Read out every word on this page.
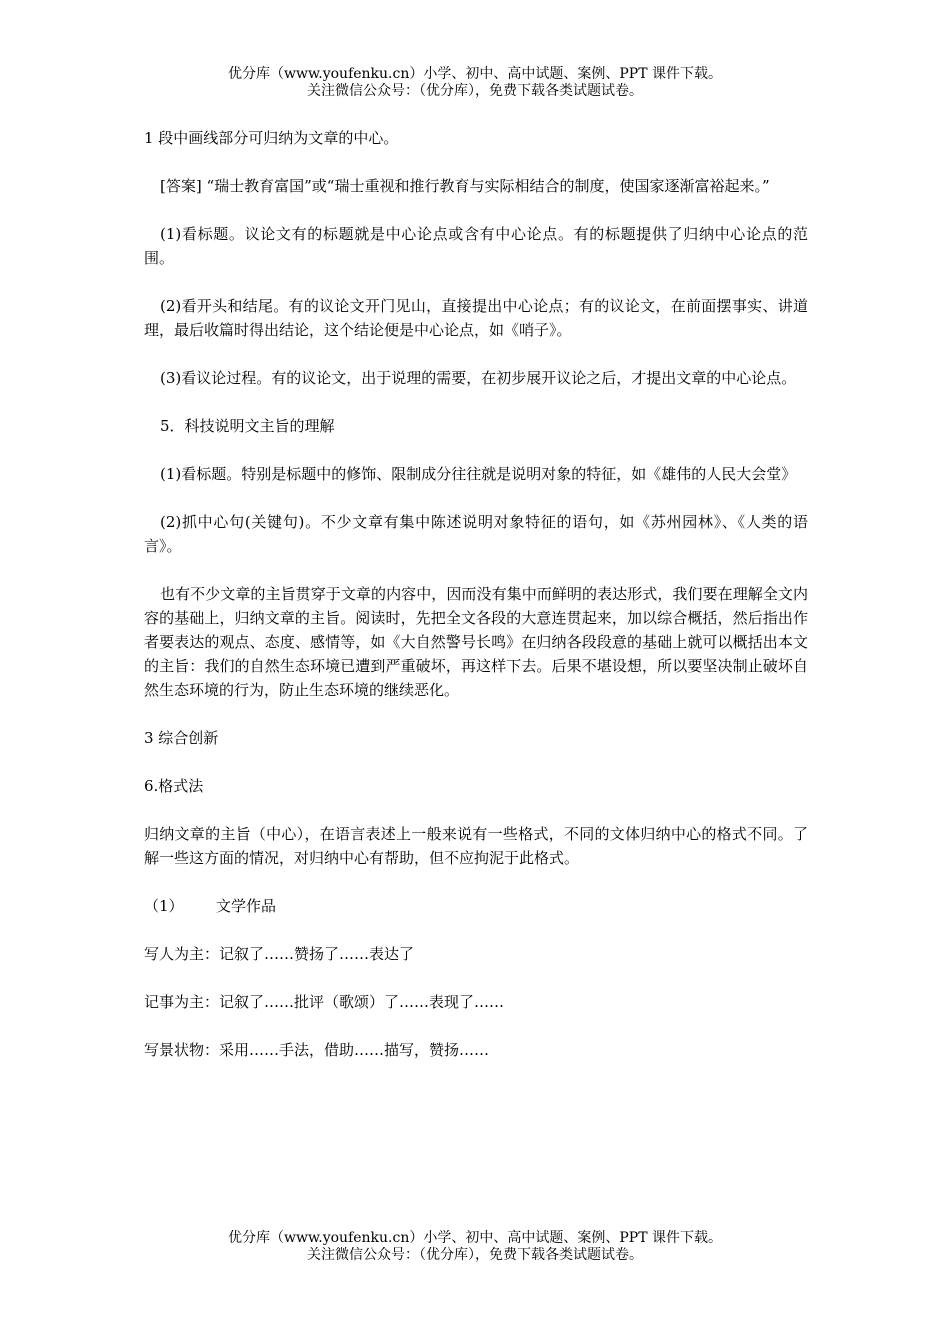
优分库（www.youfenku.cn）小学、初中、高中试题、案例、PPT 课件下载。
关注微信公众号：（优分库），免费下载各类试题试卷。

1 段中画线部分可归纳为文章的中心。

[答案] “瑞士教育富国”或“瑞士重视和推行教育与实际相结合的制度，使国家逐渐富裕起来。”

(1)看标题。议论文有的标题就是中心论点或含有中心论点。有的标题提供了归纳中心论点的范围。

(2)看开头和结尾。有的议论文开门见山，直接提出中心论点；有的议论文，在前面摆事实、讲道理，最后收篇时得出结论，这个结论便是中心论点，如《哨子》。

(3)看议论过程。有的议论文，出于说理的需要，在初步展开议论之后，才提出文章的中心论点。

5．科技说明文主旨的理解

(1)看标题。特别是标题中的修饰、限制成分往往就是说明对象的特征，如《雄伟的人民大会堂》

(2)抓中心句(关键句)。不少文章有集中陈述说明对象特征的语句，如《苏州园林》、《人类的语言》。

也有不少文章的主旨贯穿于文章的内容中，因而没有集中而鲜明的表达形式，我们要在理解全文内容的基础上，归纳文章的主旨。阅读时，先把全文各段的大意连贯起来，加以综合概括，然后指出作者要表达的观点、态度、感情等，如《大自然警号长鸣》在归纳各段段意的基础上就可以概括出本文的主旨：我们的自然生态环境已遭到严重破坏，再这样下去。后果不堪设想，所以要坚决制止破坏自然生态环境的行为，防止生态环境的继续恶化。

3 综合创新

6.格式法

归纳文章的主旨（中心），在语言表述上一般来说有一些格式，不同的文体归纳中心的格式不同。了解一些这方面的情况，对归纳中心有帮助，但不应拘泥于此格式。

（1） 文学作品

写人为主：记叙了……赞扬了……表达了

记事为主：记叙了……批评（歌颂）了……表现了……

写景状物：采用……手法，借助……描写，赞扬……

优分库（www.youfenku.cn）小学、初中、高中试题、案例、PPT 课件下载。
关注微信公众号：（优分库），免费下载各类试题试卷。
